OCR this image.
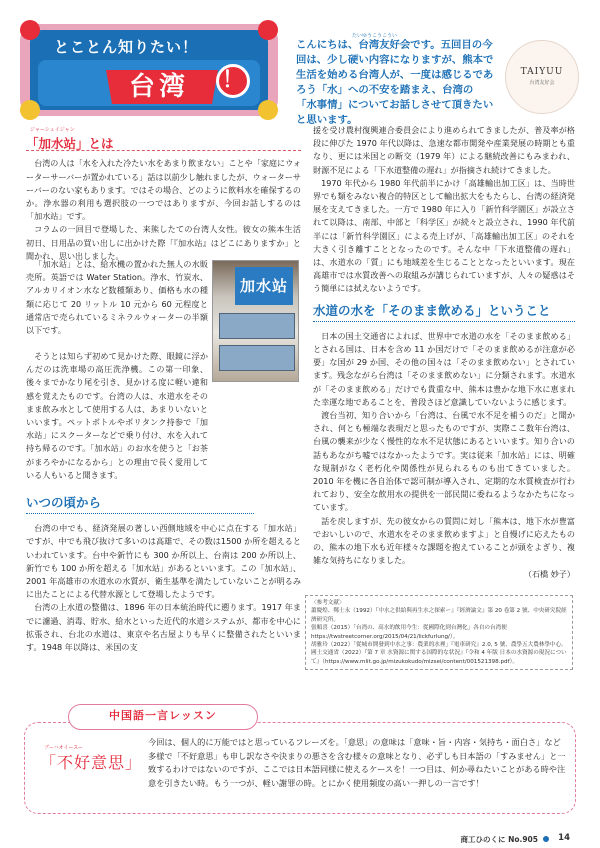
とことん知りたい！
台湾	！
たいゆうこうこうい
こんにちは、台湾友好会です。五回目の今回は、少し硬い内容になりますが、熊本で生活を始める台湾人が、一度は感じるであろう「水」への不安を踏まえ、台湾の「水事情」についてお話しさせて頂きたいと思います。
TAIYUU
台湾友好会
ジャーシュイジャン
「加水站」とは

台湾の人は「水を入れた冷たい水をあまり飲まない」ことや「家庭にウォーターサーバーが置かれている」話は以前少し触れましたが、ウォーターサーバーのない家もあります。ではその場合、どのように飲料水を確保するのか。浄水器の利用も選択肢の一つではありますが、今回お話しするのは「加水站」です。

コラムの一回目で登場した、来熊したての台湾人女性。彼女の熊本生活初日、日用品の買い出しに出かけた際「『加水站』はどこにありますか」と聞かれ、思い出しました。

「加水站」とは、給水機の置かれた無人の水販売所。英語では Water Station。浄水、竹炭水、アルカリイオン水など数種類あり、価格も水の種類に応じて 20 リットル 10 元から 60 元程度と通常店で売られているミネラルウォーターの半額以下です。

そうとは知らず初めて見かけた際、眼鏡に浮かんだのは洗車場の高圧洗浄機。この第一印象、後々までかなり尾を引き、見かける度に軽い違和感を覚えたものです。台湾の人は、水道水をそのまま飲み水として使用する人は、あまりいないといいます。ペットボトルやポリタンク持参で「加水站」にスクーターなどで乗り付け、水を入れて持ち帰るのです。「加水站」のお水を使うと「お茶がまろやかになるから」との理由で長く愛用している人もいると聞きます。

加水站
いつの頃から

台湾の中でも、経済発展の著しい西側地域を中心に点在する「加水站」ですが、中でも飛び抜けて多いのは高雄で、その数は1500 か所を超えるといわれています。台中や新竹にも 300 か所以上、台南は 200 か所以上、新竹でも 100 か所を超える「加水站」があるといいます。この「加水站」、2001 年高雄市の水道水の水質が、衛生基準を満たしていないことが明るみに出たことによる代替水源として登場したようです。

台湾の上水道の整備は、1896 年の日本統治時代に遡ります。1917 年までに濾過、消毒、貯水、給水といった近代的水道システムが、都市を中心に拡張され、台北の水道は、東京や名古屋よりも早くに整備されたといいます。1948 年以降は、米国の支

援を受け農村復興連合委員会により進められてきましたが、普及率が格段に伸びた 1970 年代以降は、急速な都市開発や産業発展の時期とも重なり、更には米国との断交（1979 年）による継続改善にもみまわれ、財源不足による「下水道整備の遅れ」が指摘され続けてきました。

1970 年代から 1980 年代前半にかけ「高雄輸出加工区」は、当時世界でも類をみない複合的特区として輸出拡大をもたらし、台湾の経済発展を支えてきました。一方で 1980 年に入り「新竹科学園区」が設立されて以降は、南部、中部と「科学区」が続々と設立され、1990 年代前半には「新竹科学園区」による売上げが、「高雄輸出加工区」のそれを大きく引き離すこととなったのです。そんな中「下水道整備の遅れ」は、水道水の「質」にも地域差を生じることとなったといいます。現在高雄市では水質改善への取組みが講じられていますが、人々の疑惑はそう簡単には拭えないようです。

水道の水を「そのまま飲める」ということ

日本の国土交通省によれば、世界中で水道の水を「そのまま飲める」とされる国は、日本を含め 11 か国だけで「そのまま飲めるが注意が必要」な国が 29 か国、その他の国々は「そのまま飲めない」とされています。残念ながら台湾は「そのまま飲めない」に分類されます。水道水が「そのまま飲める」だけでも貴重な中、熊本は豊かな地下水に恵まれた幸運な地であることを、普段さほど意識していないように感じます。

渡台当初、知り合いから「台湾は、台風で水不足を補うのだ」と聞かされ、何とも極端な表現だと思ったものですが、実際ここ数年台湾は、台風の襲来が少なく慢性的な水不足状態にあるといいます。知り合いの話もあながち嘘ではなかったようです。実は従来「加水站」には、明確な規制がなく老朽化や関係性が見られるものも出てきていました。2010 年を機に各自治体で認可制が導入され、定期的な水質検査が行われており、安全な飲用水の提供を一部民間に委ねるようなかたちになっています。

話を戻しますが、先の彼女からの質問に対し「熊本は、地下水が豊富でおいしいので、水道水をそのまま飲めますよ」と自慢げに応えたものの、熊本の地下水も近年様々な課題を抱えていることが頭をよぎり、複雑な気持ちになりました。

（石橋 妙子）
〈参考文献〉
蕭慶煌、鄭士永（1992）『中水之供給與再生水之探索ー』『經濟論文』第 20 卷第 2 號、中央研究院經濟研究所。
張順喜（2015）「台湾の、高水的飲用今生：從國際化到台灣化」各自の台湾便 https://twstreetcorner.org/2015/04/21/lickfurlung/）。
胡雅玲（2022）「從城市開發到中水之事：農業的水裡」『電車研究』2.0, 5 號、農學五大農林學中心。
國土交通省（2022）『第 7 章 水資源に関する国際的な状況』『令和 4 年版 日本の水資源の現況について』（https://www.mlit.go.jp/mizukokudo/mizsei/content/001521398.pdf）。
中国語一言レッスン
ブーハオイースー
「不好意思」
今回は、個人的に万能ではと思っているフレーズを。「意思」の意味は「意味・旨・内容・気持ち・面白さ」など多様で「不好意思」も申し訳なさや決まりの悪さを含む様々の意味となり、必ずしも日本語の「すみません」と一致するわけではないのですが、ここでは日本語同様に使えるケースを！一つ目は、何か尋ねたいことがある時や注意を引きたい時。もう一つが、軽い謝罪の時。とにかく使用頻度の高い一押しの一言です！
商工ひのくに No.905 14
